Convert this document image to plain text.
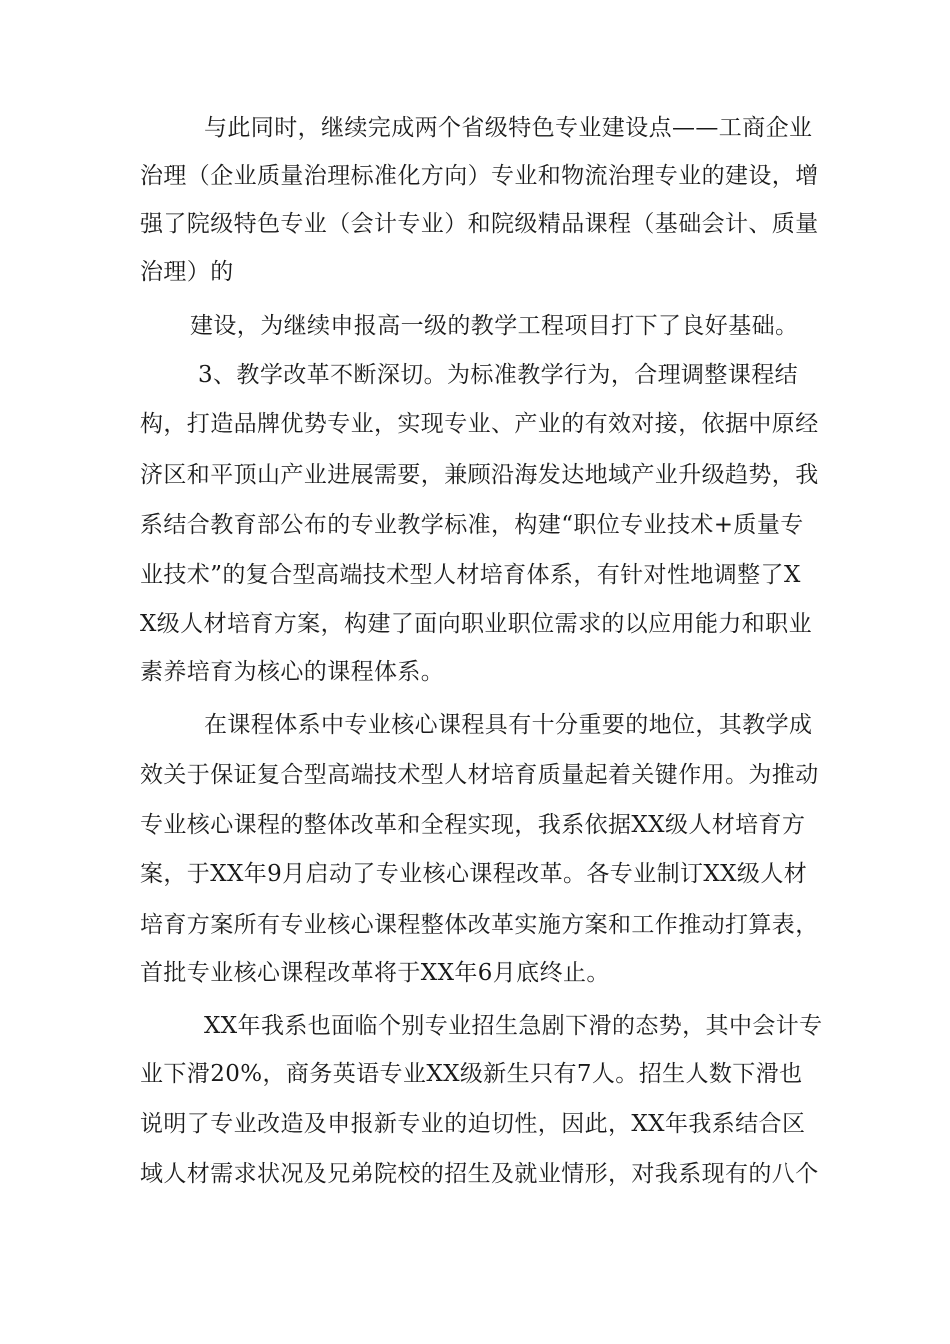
与此同时，继续完成两个省级特色专业建设点——工商企业
治理（企业质量治理标准化方向）专业和物流治理专业的建设，增
强了院级特色专业（会计专业）和院级精品课程（基础会计、质量
治理）的
建设，为继续申报高一级的教学工程项目打下了良好基础。
3、教学改革不断深切。为标准教学行为，合理调整课程结
构，打造品牌优势专业，实现专业、产业的有效对接，依据中原经
济区和平顶山产业进展需要，兼顾沿海发达地域产业升级趋势，我
系结合教育部公布的专业教学标准，构建“职位专业技术+质量专
业技术”的复合型高端技术型人材培育体系，有针对性地调整了X
X级人材培育方案，构建了面向职业职位需求的以应用能力和职业
素养培育为核心的课程体系。
在课程体系中专业核心课程具有十分重要的地位，其教学成
效关于保证复合型高端技术型人材培育质量起着关键作用。为推动
专业核心课程的整体改革和全程实现，我系依据XX级人材培育方
案，于XX年9月启动了专业核心课程改革。各专业制订XX级人材
培育方案所有专业核心课程整体改革实施方案和工作推动打算表，
首批专业核心课程改革将于XX年6月底终止。
XX年我系也面临个别专业招生急剧下滑的态势，其中会计专
业下滑20%，商务英语专业XX级新生只有7人。招生人数下滑也
说明了专业改造及申报新专业的迫切性，因此，XX年我系结合区
域人材需求状况及兄弟院校的招生及就业情形，对我系现有的八个
